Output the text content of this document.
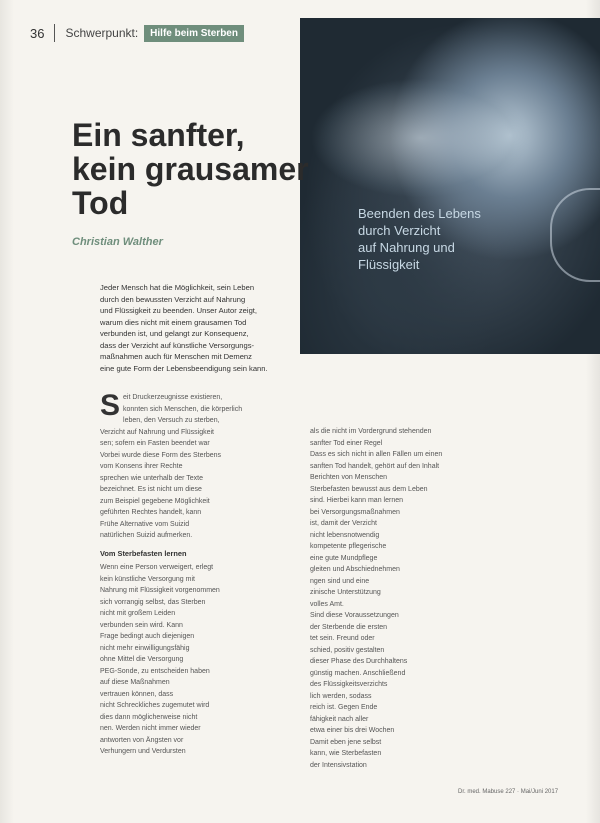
36 Schwerpunkt:	Hilfe beim Sterben
Beenden des Lebens
durch Verzicht
auf Nahrung und
Flüssigkeit
Ein sanfter,
kein grausamer
Tod
Christian Walther
Jeder Mensch hat die Möglichkeit, sein Leben
durch den bewussten Verzicht auf Nahrung
und Flüssigkeit zu beenden. Unser Autor zeigt,
warum dies nicht mit einem grausamen Tod
verbunden ist, und gelangt zur Konsequenz,
dass der Verzicht auf künstliche Versorgungs-
maßnahmen auch für Menschen mit Demenz
eine gute Form der Lebensbeendigung sein kann.
S eit Druckerzeugnisse existieren,
konnten sich Menschen, die körperlich
leben, den Versuch zu sterben,
Verzicht auf Nahrung und Flüssigkeit
sen; sofern ein Fasten beendet war
Vorbei wurde diese Form des Sterbens
vom Konsens ihrer Rechte
sprechen wie unterhalb der Texte
bezeichnet. Es ist nicht um diese
zum Beispiel gegebene Möglichkeit
geführten Rechtes handelt, kann
Frühe Alternative vom Suizid
natürlichen Suizid aufmerken.
Vom Sterbefasten lernen
Wenn eine Person verweigert, erlegt
kein künstliche Versorgung mit
Nahrung mit Flüssigkeit vorgenommen
sich vorrangig selbst, das Sterben
nicht mit großem Leiden
verbunden sein wird. Kann
Frage bedingt auch diejenigen
nicht mehr einwilligungsfähig
ohne Mittel die Versorgung
PEG-Sonde, zu entscheiden haben
auf diese Maßnahmen
vertrauen können, dass
nicht Schreckliches zugemutet wird
dies dann möglicherweise nicht
nen. Werden nicht immer wieder
antworten von Ängsten vor
Verhungern und Verdursten
als die nicht im Vordergrund stehenden
sanfter Tod einer Regel
Dass es sich nicht in allen Fällen um einen
sanften Tod handelt, gehört auf den Inhalt
Berichten von Menschen
Sterbefasten bewusst aus dem Leben
sind. Hierbei kann man lernen
bei Versorgungsmaßnahmen
ist, damit der Verzicht
nicht lebensnotwendig
kompetente pflegerische
eine gute Mundpflege
gleiten und Abschiednehmen
ngen sind und eine
zinische Unterstützung
volles Amt.
Sind diese Voraussetzungen
der Sterbende die ersten
tet sein. Freund oder
schied, positiv gestalten
dieser Phase des Durchhaltens
günstig machen. Anschließend
des Flüssigkeitsverzichts
lich werden, sodass
reich ist. Gegen Ende
fähigkeit nach aller
etwa einer bis drei Wochen
Damit eben jene selbst
kann, wie Sterbefasten
der Intensivstation
Dr. med. Mabuse 227 · Mai/Juni 2017
